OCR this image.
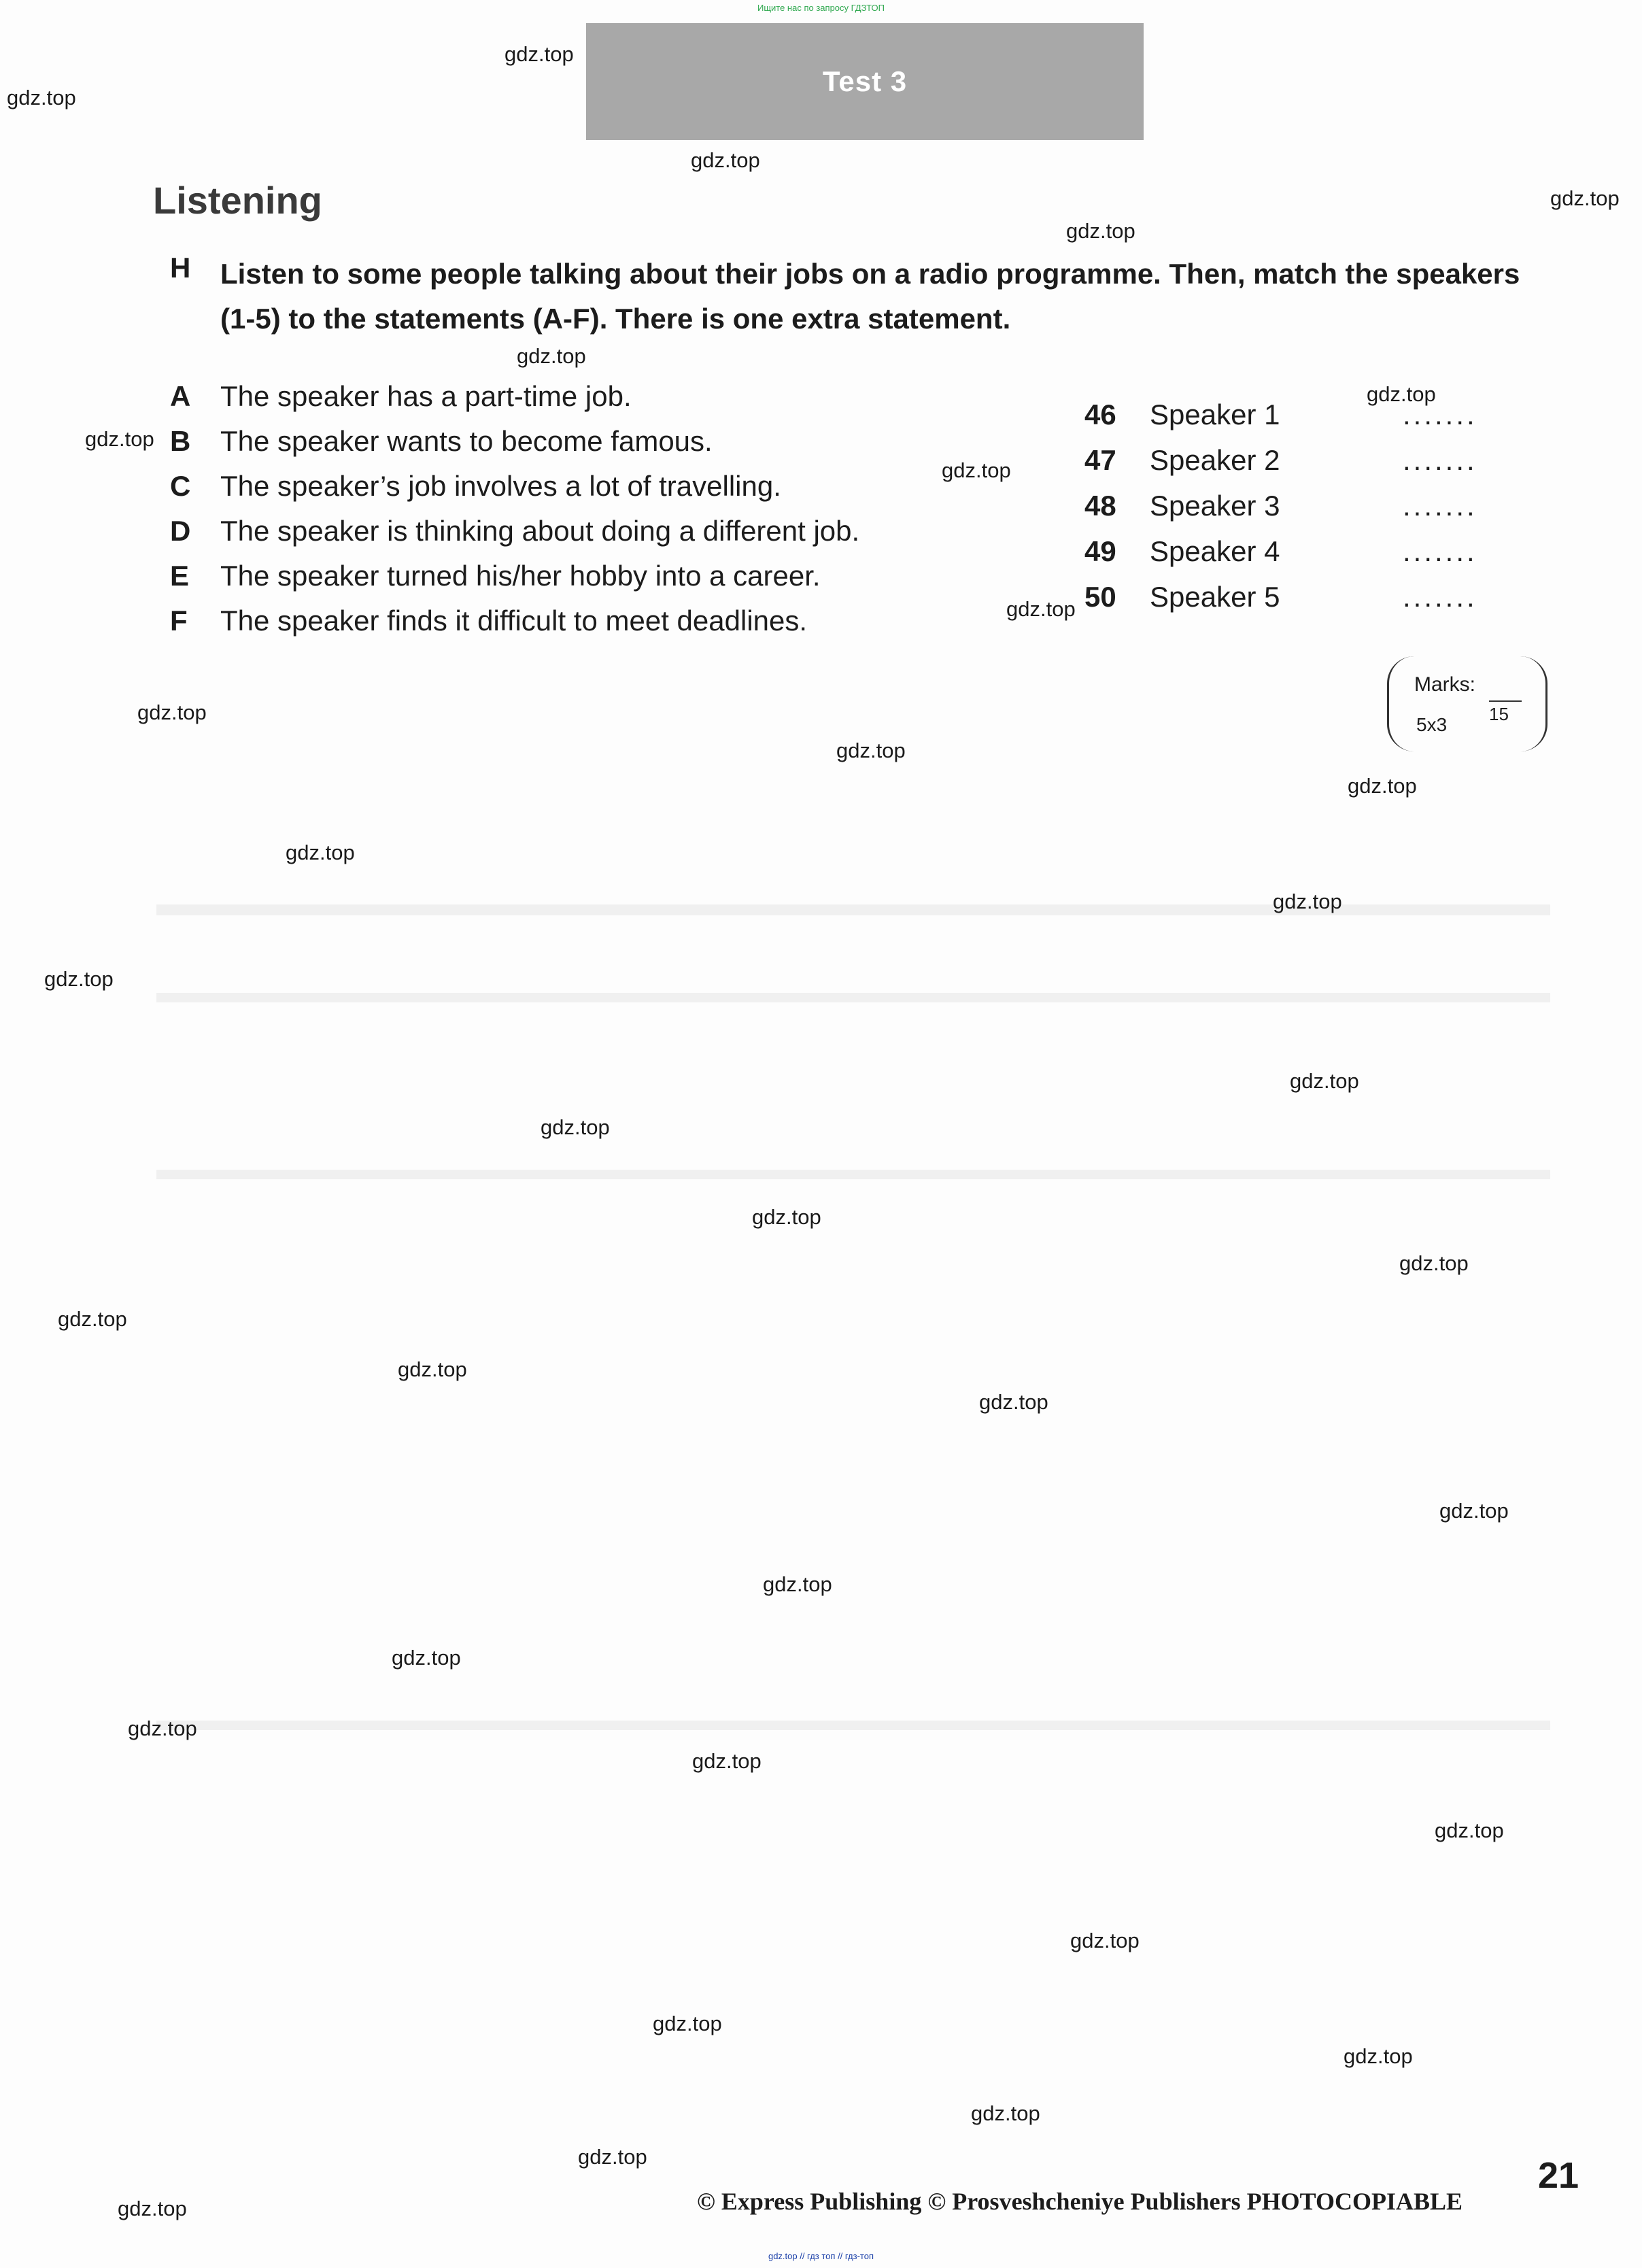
Ищите нас по запросу ГДЗТОП
Test 3
Listening
H Listen to some people talking about their jobs on a radio programme. Then, match the speakers (1-5) to the statements (A-F). There is one extra statement.
A The speaker has a part-time job.
B The speaker wants to become famous.
C The speaker’s job involves a lot of travelling.
D The speaker is thinking about doing a different job.
E The speaker turned his/her hobby into a career.
F The speaker finds it difficult to meet deadlines.
46 Speaker 1	.......
47 Speaker 2	.......
48 Speaker 3	.......
49 Speaker 4	.......
50 Speaker 5	.......
Marks:
15
5x3
gdz.top
gdz.top
gdz.top
gdz.top
gdz.top
gdz.top
gdz.top
gdz.top
gdz.top
gdz.top
gdz.top
gdz.top
gdz.top
gdz.top
gdz.top
gdz.top
gdz.top
gdz.top
gdz.top
gdz.top
gdz.top
gdz.top
gdz.top
gdz.top
gdz.top
gdz.top
gdz.top
gdz.top
gdz.top
gdz.top
gdz.top
gdz.top
gdz.top
gdz.top
gdz.top
21
© Express Publishing © Prosveshcheniye Publishers PHOTOCOPIABLE
gdz.top // гдз топ // гдз-топ
